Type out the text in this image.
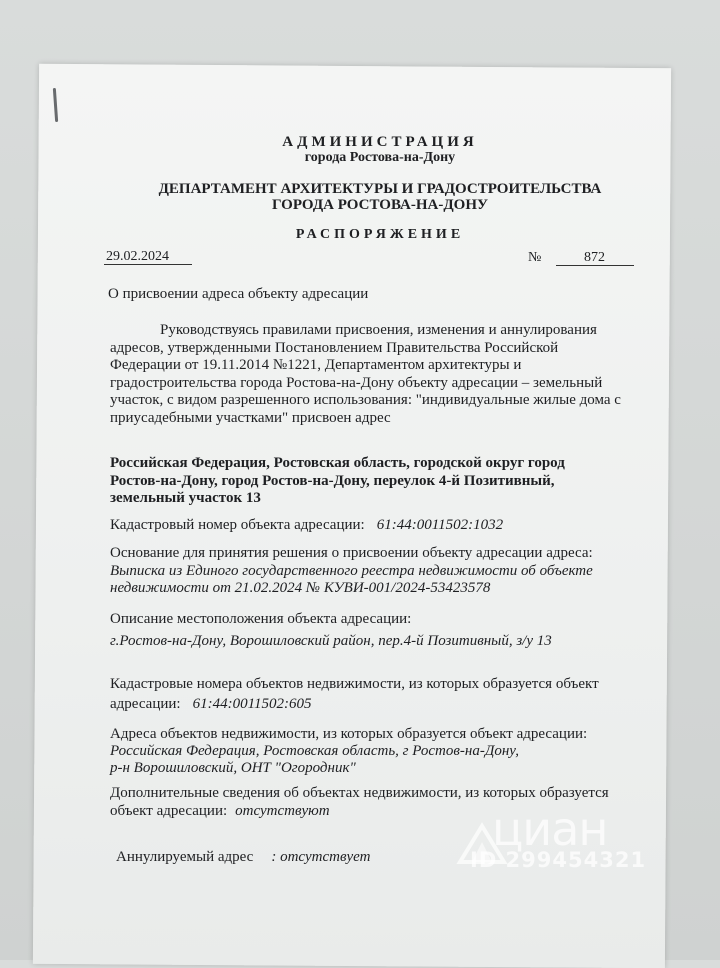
АДМИНИСТРАЦИЯ
города Ростова-на-Дону
ДЕПАРТАМЕНТ АРХИТЕКТУРЫ И ГРАДОСТРОИТЕЛЬСТВА
ГОРОДА РОСТОВА-НА-ДОНУ
РАСПОРЯЖЕНИЕ
29.02.2024	№	872
О присвоении адреса объекту адресации
Руководствуясь правилами присвоения, изменения и аннулирования
адресов, утвержденными Постановлением Правительства Российской
Федерации от 19.11.2014 №1221, Департаментом архитектуры и
градостроительства города Ростова-на-Дону объекту адресации – земельный
участок, с видом разрешенного использования: "индивидуальные жилые дома с
приусадебными участками" присвоен адрес
Российская Федерация, Ростовская область, городской округ город
Ростов-на-Дону, город Ростов-на-Дону, переулок 4-й Позитивный,
земельный участок 13
Кадастровый номер объекта адресации: 61:44:0011502:1032
Основание для принятия решения о присвоении объекту адресации адреса:
Выписка из Единого государственного реестра недвижимости об объекте
недвижимости от 21.02.2024 № КУВИ-001/2024-53423578
Описание местоположения объекта адресации:
г.Ростов-на-Дону, Ворошиловский район, пер.4-й Позитивный, з/у 13
Кадастровые номера объектов недвижимости, из которых образуется объект
адресации: 61:44:0011502:605
Адреса объектов недвижимости, из которых образуется объект адресации:
Российская Федерация, Ростовская область, г Ростов-на-Дону,
р-н Ворошиловский, ОНТ "Огородник"
Дополнительные сведения об объектах недвижимости, из которых образуется
объект адресации: отсутствуют
Аннулируемый адрес : отсутствует
циан
ID 299454321
